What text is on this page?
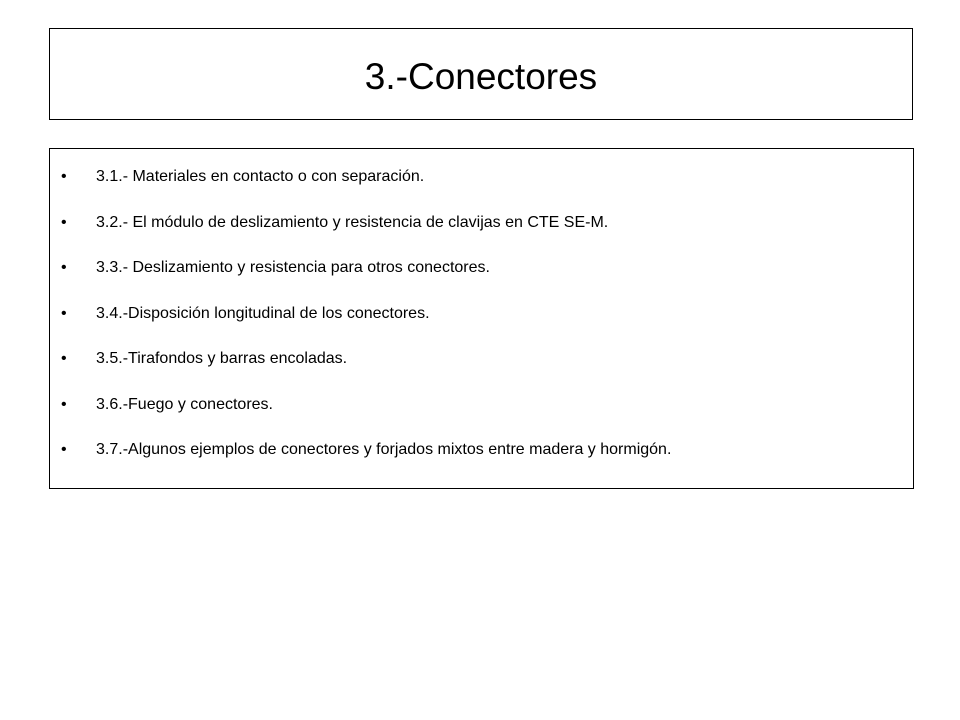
3.-Conectores
• 3.1.- Materiales en contacto o con separación.
• 3.2.- El módulo de deslizamiento y resistencia de clavijas en CTE SE-M.
• 3.3.- Deslizamiento y resistencia para otros conectores.
• 3.4.-Disposición longitudinal de los conectores.
• 3.5.-Tirafondos y barras encoladas.
• 3.6.-Fuego y conectores.
• 3.7.-Algunos ejemplos de conectores y forjados mixtos entre madera y hormigón.
